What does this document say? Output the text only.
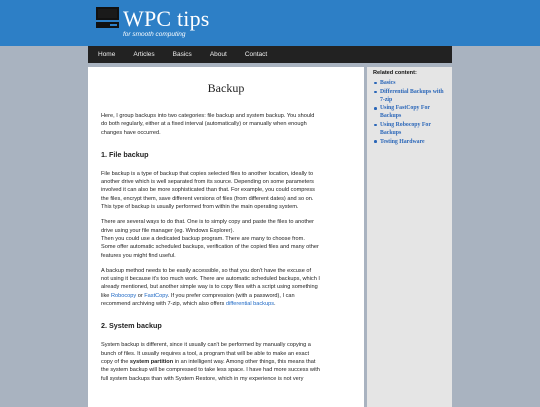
WPC tips
for smooth computing
Home	Articles	Basics	About	Contact
Backup

Here, I group backups into two categories: file backup and system backup. You should
do both regularly, either at a fixed interval (automatically) or manually when enough
changes have occurred.

1. File backup

File backup is a type of backup that copies selected files to another location, ideally to
another drive which is well separated from its source. Depending on some parameters
involved it can also be more sophisticated than that. For example, you could compress
the files, encrypt them, save different versions of files (from different dates) and so on.
This type of backup is usually performed from within the main operating system.

There are several ways to do that. One is to simply copy and paste the files to another
drive using your file manager (eg. Windows Explorer).
Then you could use a dedicated backup program. There are many to choose from.
Some offer automatic scheduled backups, verification of the copied files and many other
features you might find useful.

A backup method needs to be easily accessible, so that you don't have the excuse of
not using it because it's too much work. There are automatic scheduled backups, which I
already mentioned, but another simple way is to copy files with a script using something
like Robocopy or FastCopy. If you prefer compression (with a password), I can
recommend archiving with 7-zip, which also offers differential backups.

2. System backup

System backup is different, since it usually can't be performed by manually copying a
bunch of files. It usually requires a tool, a program that will be able to make an exact
copy of the system partition in an intelligent way. Among other things, this means that
the system backup will be compressed to take less space. I have had more success with
full system backups than with System Restore, which in my experience is not very

Related content:
Basics
Differential Backups with 7-zip
Using FastCopy For Backups
Using Robocopy For Backups
Testing Hardware
